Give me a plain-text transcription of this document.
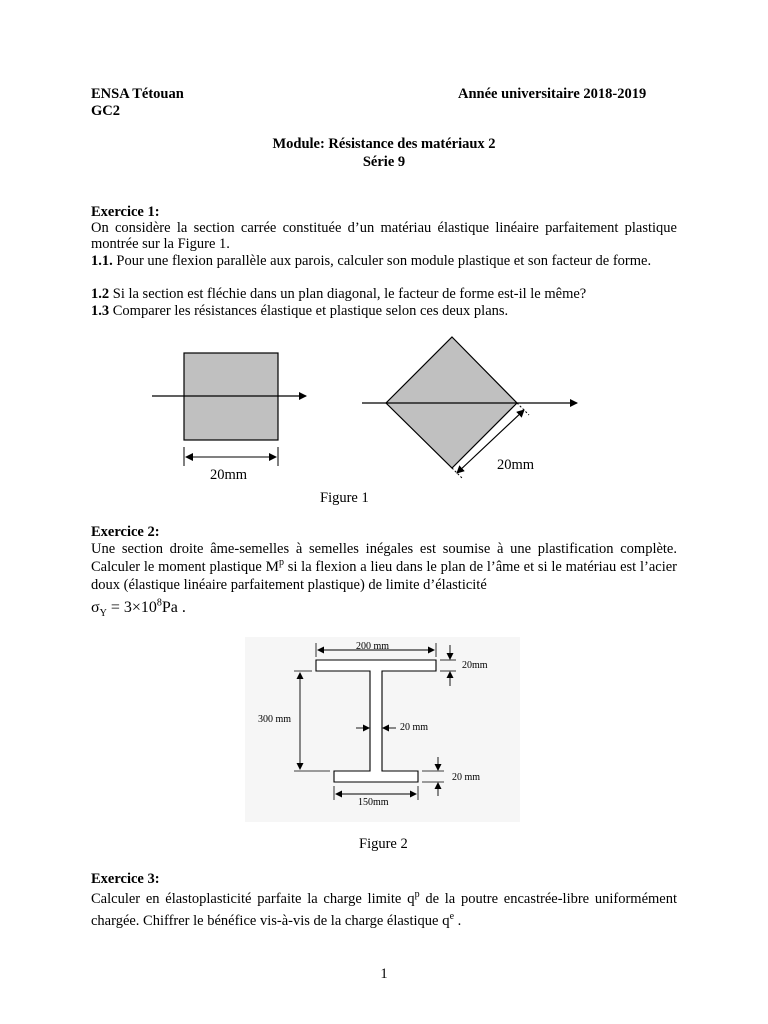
ENSA Tétouan	Année universitaire 2018-2019
GC2
Module: Résistance des matériaux 2
Série 9
Exercice 1:
On considère la section carrée constituée d’un matériau élastique linéaire parfaitement plastique montrée sur la Figure 1.
1.1. Pour une flexion parallèle aux parois, calculer son module plastique et son facteur de forme.
1.2 Si la section est fléchie dans un plan diagonal, le facteur de forme est-il le même?
1.3 Comparer les résistances élastique et plastique selon ces deux plans.
20mm
20mm
Figure 1
Exercice 2:
Une section droite âme-semelles à semelles inégales est soumise à une plastification complète. Calculer le moment plastique $M^p$ si la flexion a lieu dans le plan de l’âme et si le matériau est l’acier doux (élastique linéaire parfaitement plastique) de limite d’élasticité
$\sigma_Y = 3\times 10^8Pa$ .
200 mm
20mm
300 mm
20 mm
20 mm
150mm
Figure 2
Exercice 3:
Calculer en élastoplasticité parfaite la charge limite $q^p$ de la poutre encastrée-libre uniformément chargée. Chiffrer le bénéfice vis-à-vis de la charge élastique $q^e$ .
1
